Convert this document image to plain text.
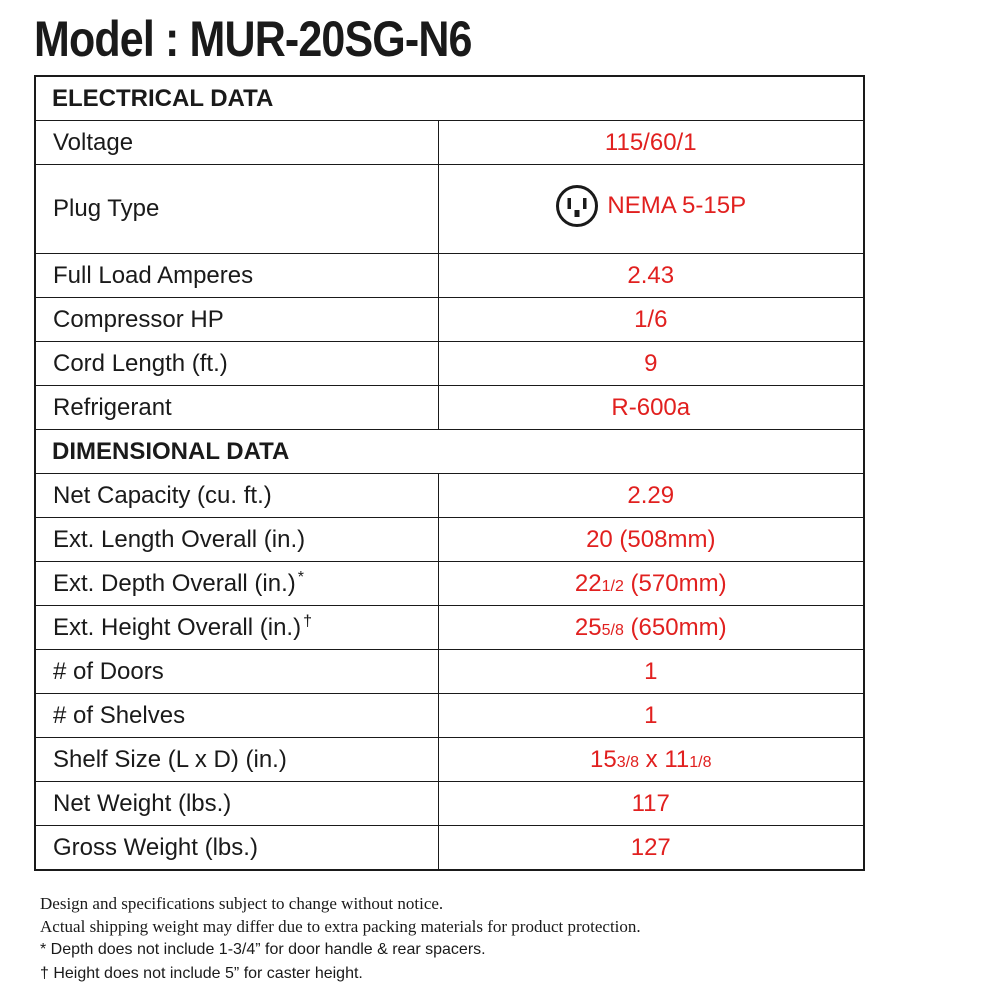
Model : MUR-20SG-N6
ELECTRICAL DATA	
Voltage	115/60/1
Plug Type	NEMA 5-15P

Full Load Amperes	2.43
Compressor HP	1/6
Cord Length (ft.)	9
Refrigerant	R-600a
DIMENSIONAL DATA	
Net Capacity (cu. ft.)	2.29
Ext. Length Overall (in.)	20 (508mm)
Ext. Depth Overall (in.) *	221/2 (570mm)
Ext. Height Overall (in.) †	255/8 (650mm)
# of Doors	1
# of Shelves	1
Shelf Size (L x D) (in.)	153/8 x 111/8
Net Weight (lbs.)	117
Gross Weight (lbs.)	127
Design and specifications subject to change without notice.
Actual shipping weight may differ due to extra packing materials for product protection.
* Depth does not include 1-3/4” for door handle & rear spacers.
† Height does not include 5” for caster height.
